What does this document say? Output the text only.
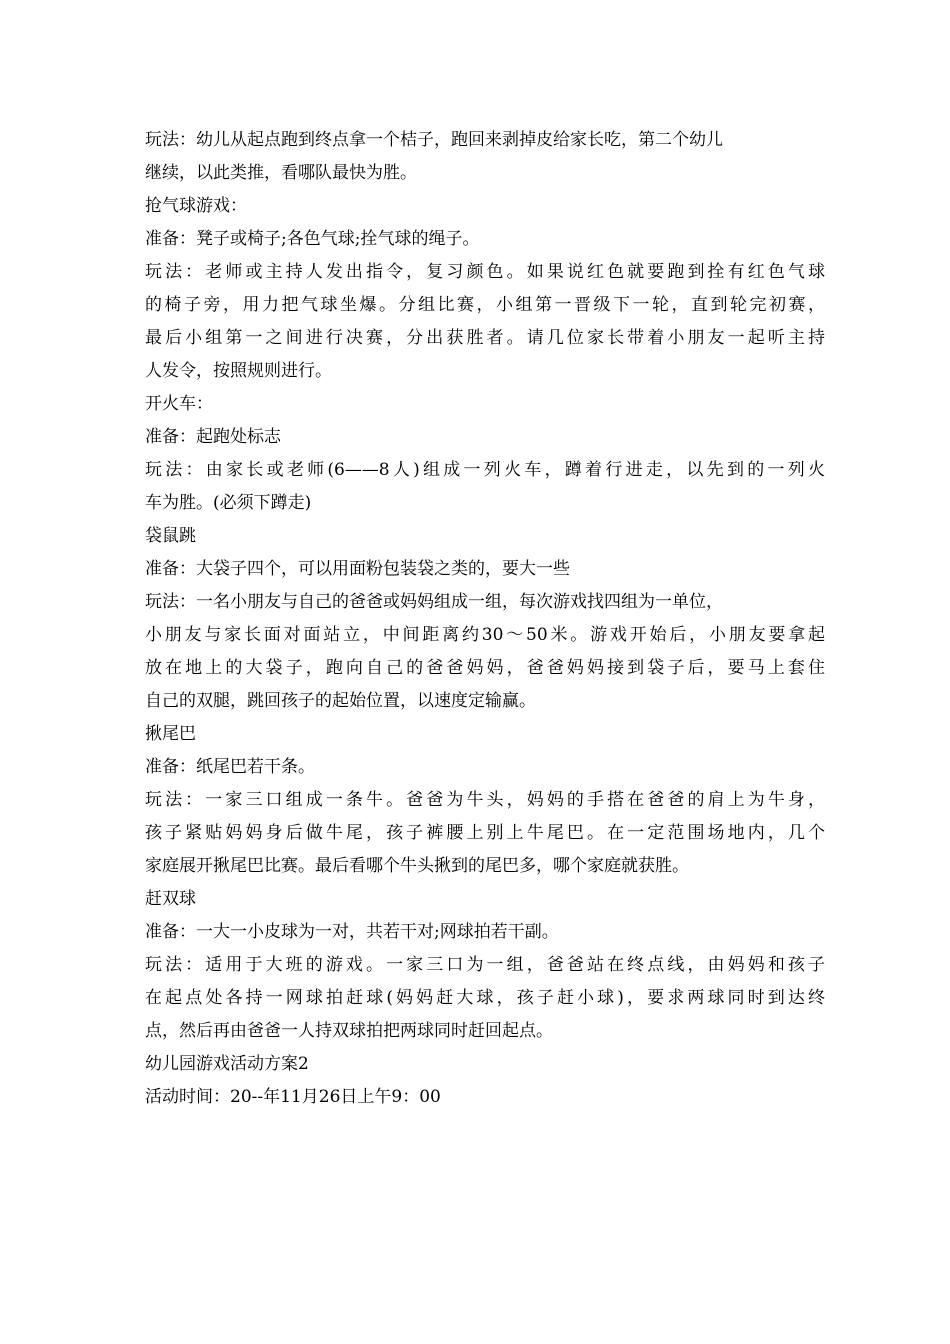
玩法：幼儿从起点跑到终点拿一个桔子，跑回来剥掉皮给家长吃，第二个幼儿
继续，以此类推，看哪队最快为胜。
抢气球游戏：
准备：凳子或椅子;各色气球;拴气球的绳子。
玩法：老师或主持人发出指令，复习颜色。如果说红色就要跑到拴有红色气球
的椅子旁，用力把气球坐爆。分组比赛，小组第一晋级下一轮，直到轮完初赛，
最后小组第一之间进行决赛，分出获胜者。请几位家长带着小朋友一起听主持
人发令，按照规则进行。
开火车：
准备：起跑处标志
玩法：由家长或老师(6——8人)组成一列火车，蹲着行进走，以先到的一列火
车为胜。(必须下蹲走)
袋鼠跳
准备：大袋子四个，可以用面粉包装袋之类的，要大一些
玩法：一名小朋友与自己的爸爸或妈妈组成一组，每次游戏找四组为一单位，
小朋友与家长面对面站立，中间距离约30～50米。游戏开始后，小朋友要拿起
放在地上的大袋子，跑向自己的爸爸妈妈，爸爸妈妈接到袋子后，要马上套住
自己的双腿，跳回孩子的起始位置，以速度定输赢。
揪尾巴
准备：纸尾巴若干条。
玩法：一家三口组成一条牛。爸爸为牛头，妈妈的手搭在爸爸的肩上为牛身，
孩子紧贴妈妈身后做牛尾，孩子裤腰上别上牛尾巴。在一定范围场地内，几个
家庭展开揪尾巴比赛。最后看哪个牛头揪到的尾巴多，哪个家庭就获胜。
赶双球
准备：一大一小皮球为一对，共若干对;网球拍若干副。
玩法：适用于大班的游戏。一家三口为一组，爸爸站在终点线，由妈妈和孩子
在起点处各持一网球拍赶球(妈妈赶大球，孩子赶小球)，要求两球同时到达终
点，然后再由爸爸一人持双球拍把两球同时赶回起点。
幼儿园游戏活动方案2
活动时间：20--年11月26日上午9：00
